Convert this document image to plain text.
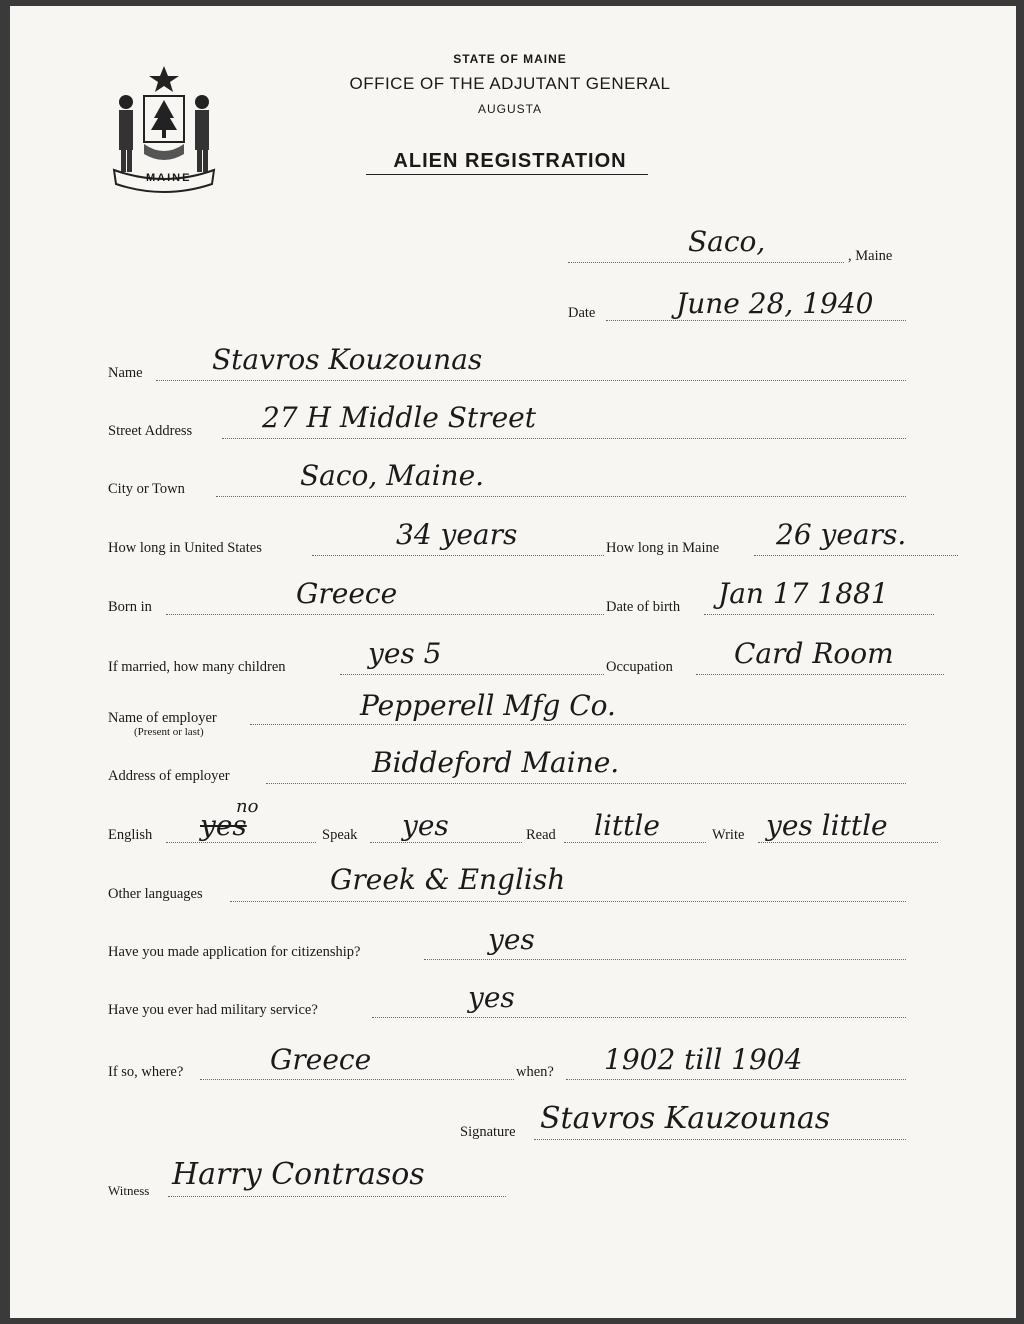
MAINE
STATE OF MAINE
OFFICE OF THE ADJUTANT GENERAL
AUGUSTA
ALIEN REGISTRATION
Saco,	, Maine
Date	June 28, 1940
Name Stavros Kouzounas
Street Address 27 H Middle Street
City or Town	Saco, Maine.
How long in United States	34 years	How long in Maine 26 years.
Born in	Greece	Date of birth Jan 17 1881
If married, how many children	yes 5	Occupation Card Room
Name of employer
(Present or last)
Pepperell Mfg Co.
Address of employer	Biddeford Maine.
English yes
no
Speak yes	Read little	Write yes little
Other languages	Greek & English
Have you made application for citizenship?	yes
Have you ever had military service?	yes
If so, where?	Greece	when? 1902 till 1904
Signature Stavros Kauzounas
Witness Harry Contrasos
